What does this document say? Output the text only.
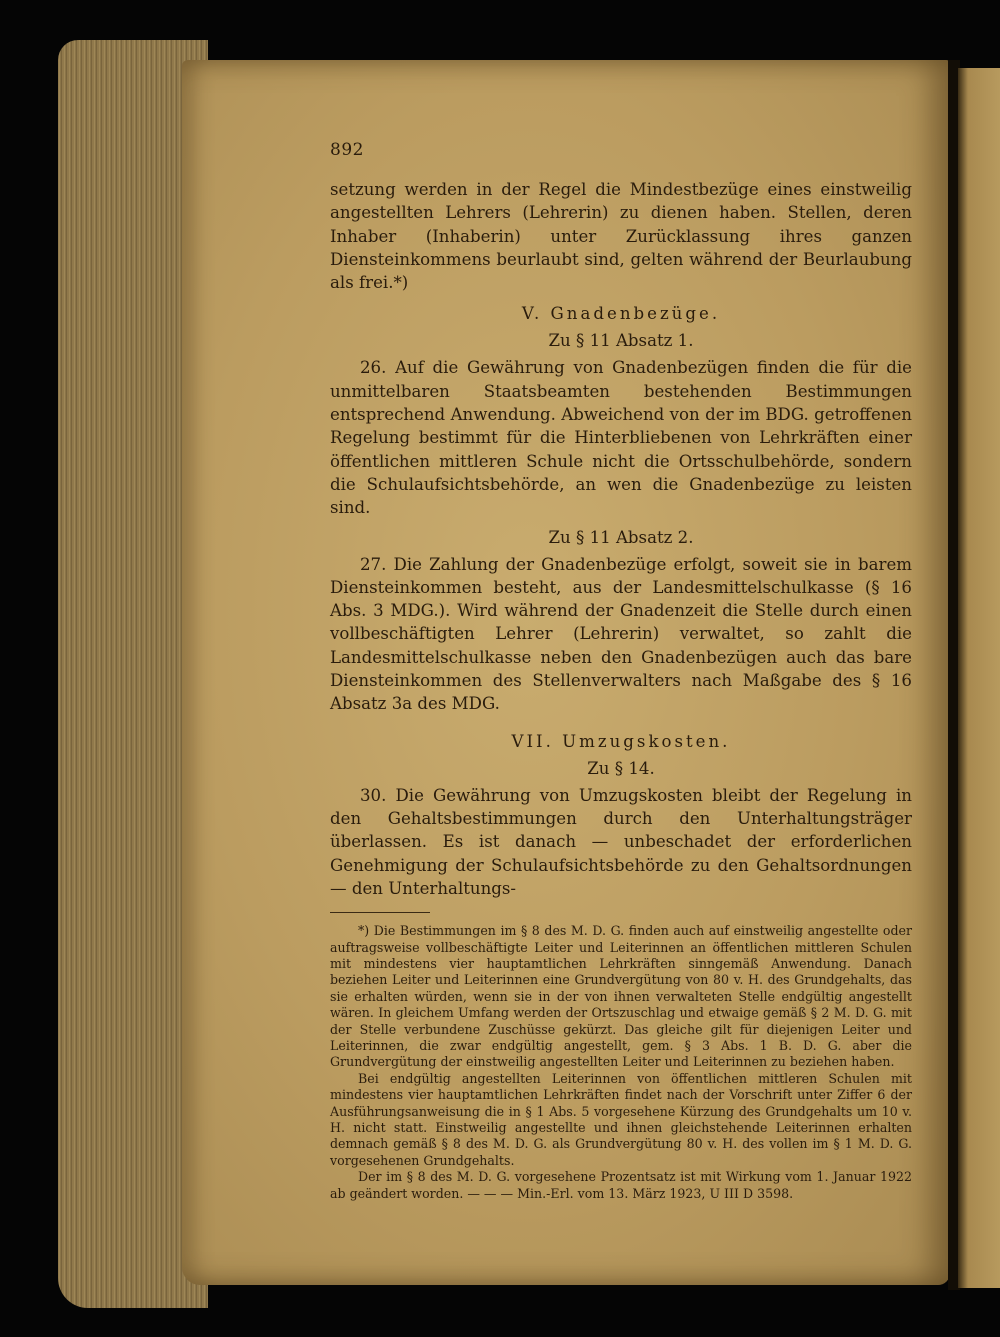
892

setzung werden in der Regel die Mindestbezüge eines einstweilig angestellten Lehrers (Lehrerin) zu dienen haben. Stellen, deren Inhaber (Inhaberin) unter Zurücklassung ihres ganzen Diensteinkommens beurlaubt sind, gelten während der Beurlaubung als frei.*)

V. Gnadenbezüge.
Zu § 11 Absatz 1.

26. Auf die Gewährung von Gnadenbezügen finden die für die unmittelbaren Staatsbeamten bestehenden Bestimmungen entsprechend Anwendung. Abweichend von der im BDG. getroffenen Regelung bestimmt für die Hinterbliebenen von Lehrkräften einer öffentlichen mittleren Schule nicht die Ortsschulbehörde, sondern die Schulaufsichtsbehörde, an wen die Gnadenbezüge zu leisten sind.

Zu § 11 Absatz 2.

27. Die Zahlung der Gnadenbezüge erfolgt, soweit sie in barem Diensteinkommen besteht, aus der Landesmittelschulkasse (§ 16 Abs. 3 MDG.). Wird während der Gnadenzeit die Stelle durch einen vollbeschäftigten Lehrer (Lehrerin) verwaltet, so zahlt die Landesmittelschulkasse neben den Gnadenbezügen auch das bare Diensteinkommen des Stellenverwalters nach Maßgabe des § 16 Absatz 3a des MDG.

VII. Umzugskosten.
Zu § 14.

30. Die Gewährung von Umzugskosten bleibt der Regelung in den Gehaltsbestimmungen durch den Unterhaltungsträger überlassen. Es ist danach — unbeschadet der erforderlichen Genehmigung der Schulaufsichtsbehörde zu den Gehaltsordnungen — den Unterhaltungs-

*) Die Bestimmungen im § 8 des M. D. G. finden auch auf einstweilig angestellte oder auftragsweise vollbeschäftigte Leiter und Leiterinnen an öffentlichen mittleren Schulen mit mindestens vier hauptamtlichen Lehrkräften sinngemäß Anwendung. Danach beziehen Leiter und Leiterinnen eine Grundvergütung von 80 v. H. des Grundgehalts, das sie erhalten würden, wenn sie in der von ihnen verwalteten Stelle endgültig angestellt wären. In gleichem Umfang werden der Ortszuschlag und etwaige gemäß § 2 M. D. G. mit der Stelle verbundene Zuschüsse gekürzt. Das gleiche gilt für diejenigen Leiter und Leiterinnen, die zwar endgültig angestellt, gem. § 3 Abs. 1 B. D. G. aber die Grundvergütung der einstweilig angestellten Leiter und Leiterinnen zu beziehen haben.

Bei endgültig angestellten Leiterinnen von öffentlichen mittleren Schulen mit mindestens vier hauptamtlichen Lehrkräften findet nach der Vorschrift unter Ziffer 6 der Ausführungsanweisung die in § 1 Abs. 5 vorgesehene Kürzung des Grundgehalts um 10 v. H. nicht statt. Einstweilig angestellte und ihnen gleichstehende Leiterinnen erhalten demnach gemäß § 8 des M. D. G. als Grundvergütung 80 v. H. des vollen im § 1 M. D. G. vorgesehenen Grundgehalts.

Der im § 8 des M. D. G. vorgesehene Prozentsatz ist mit Wirkung vom 1. Januar 1922 ab geändert worden. — — — Min.-Erl. vom 13. März 1923, U III D 3598.
